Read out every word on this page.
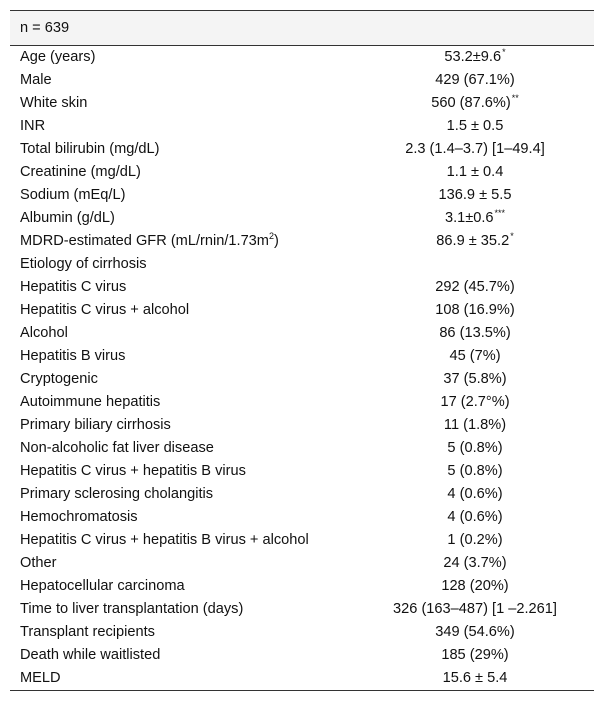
n = 639	
Age (years)	53.2±9.6*
Male	429 (67.1%)
White skin	560 (87.6%)**
INR	1.5 ± 0.5
Total bilirubin (mg/dL)	2.3 (1.4–3.7) [1–49.4]
Creatinine (mg/dL)	1.1 ± 0.4
Sodium (mEq/L)	136.9 ± 5.5
Albumin (g/dL)	3.1±0.6***
MDRD-estimated GFR $(mL/rnin/1.73m^2)$	86.9 ± 35.2*
Etiology of cirrhosis	
Hepatitis C virus	292 (45.7%)
Hepatitis C virus + alcohol	108 (16.9%)
Alcohol	86 (13.5%)
Hepatitis B virus	45 (7%)
Cryptogenic	37 (5.8%)
Autoimmune hepatitis	17 (2.7°%)
Primary biliary cirrhosis	11 (1.8%)
Non-alcoholic fat liver disease	5 (0.8%)
Hepatitis C virus + hepatitis B virus	5 (0.8%)
Primary sclerosing cholangitis	4 (0.6%)
Hemochromatosis	4 (0.6%)
Hepatitis C virus + hepatitis B virus + alcohol	1 (0.2%)
Other	24 (3.7%)
Hepatocellular carcinoma	128 (20%)
Time to liver transplantation (days)	326 (163–487) [1 –2.261]
Transplant recipients	349 (54.6%)
Death while waitlisted	185 (29%)
MELD	15.6 ± 5.4
